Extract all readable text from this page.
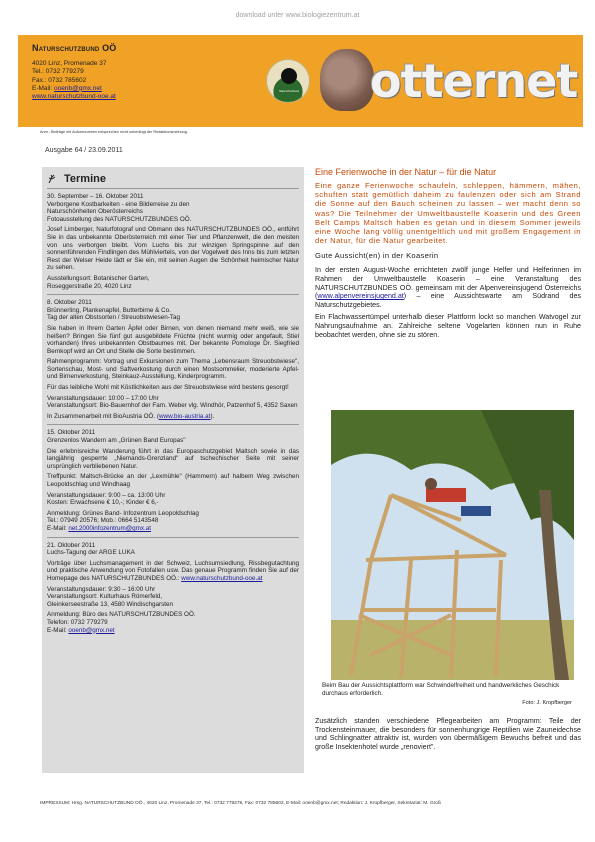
download unter www.biologiezentrum.at
Naturschutzbund OÖ
4020 Linz, Promenade 37
Tel.: 0732 779279
Fax.: 0732 785602
E-Mail: ooenb@gmx.net
www.naturschutzbund-ooe.at
Naturschutzbund otternet
Anm.: Beiträge mit Autorennamen entsprechen nicht unbedingt der Redaktionsmeinung.
Ausgabe 64 / 23.09.2011
Termine
30. September – 16. Oktober 2011
Verborgene Kostbarkeiten - eine Bilderreise zu den
Naturschönheiten Oberösterreichs

Fotoausstellung des NATURSCHUTZBUNDES OÖ.

Josef Limberger, Naturfotograf und Obmann des NATURSCHUTZBUNDES OÖ., entführt Sie in das unbekannte Oberösterreich mit einer Tier und Pflanzenwelt, die den meisten von uns verborgen bleibt. Vom Luchs bis zur winzigen Springspinne auf den sonnenführenden Findlingen des Mühlviertels, von der Vogelwelt des Inns bis zum letzten Rest der Welser Heide lädt er Sie ein, mit seinen Augen die Schönheit heimischer Natur zu sehen.

Ausstellungsort: Botanischer Garten,
Roseggerstraße 20, 4020 Linz
8. Oktober 2011
Brünnerling, Plankenapfel, Butterbirne & Co.

Tag der alten Obstsorten / Streuobstwiesen-Tag

Sie haben in Ihrem Garten Äpfel oder Birnen, von denen niemand mehr weiß, wie sie heißen? Bringen Sie fünf gut ausgebildete Früchte (nicht wurmig oder angefault, Stiel vorhanden) Ihres unbekannten Obstbaumes mit. Der bekannte Pomologe Dr. Siegfried Bernkopf wird an Ort und Stelle die Sorte bestimmen.

Rahmenprogramm: Vortrag und Exkursionen zum Thema „Lebensraum Streuobstwiese", Sortenschau, Most- und Saftverkostung durch einen Mostsommelier, moderierte Apfel- und Birnenverkostung, Steinkauz-Ausstellung, Kinderprogramm.

Für das leibliche Wohl mit Köstlichkeiten aus der Streuobstwiese wird bestens gesorgt!

Veranstaltungsdauer: 10:00 – 17:00 Uhr

Veranstaltungsort: Bio-Bauernhof der Fam. Weber vlg. Windhör, Patzenhof 5, 4352 Saxen

In Zusammenarbeit mit BioAustria OÖ. (www.bio-austria.at).
15. Oktober 2011

Grenzenlos Wandern am „Grünen Band Europas"

Die erlebnisreiche Wanderung führt in das Europaschutzgebiet Maltsch sowie in das langjährig gesperrte „Niemands-Grenzland" auf tschechischer Seite mit seiner ursprünglich verbliebenen Natur.

Treffpunkt: Maltsch-Brücke an der „Lexmühle" (Hammern) auf halbem Weg zwischen Leopoldschlag und Windhaag

Veranstaltungsdauer: 9:00 – ca. 13:00 Uhr

Kosten: Erwachsene € 10,-; Kinder € 6,-

Anmeldung: Grünes Band- Infozentrum Leopoldschlag
Tel.: 07949 20576; Mob.: 0664 5143548
E-Mail: net.2000infozentrum@gmx.at
21. Oktober 2011

Luchs-Tagung der ARGE LUKA

Vorträge über Luchsmanagement in der Schweiz, Luchsumsiedlung, Rissbegutachtung und praktische Anwendung von Fotofallen usw. Das genaue Programm finden Sie auf der Homepage des NATURSCHUTZBUNDES OÖ.: www.naturschutzbund-ooe.at

Veranstaltungsdauer: 9:30 – 16:00 Uhr
Veranstaltungsort: Kulturhaus Römerfeld,

Gleinkerseestraße 13, 4580 Windischgarsten

Anmeldung: Büro des NATURSCHUTZBUNDES OÖ.
Telefon: 0732 779279
E-Mail: ooenb@gmx.net
Eine Ferienwoche in der Natur – für die Natur
Eine ganze Ferienwoche schaufeln, schleppen, hämmern, mähen, schuften statt gemütlich daheim zu faulenzen oder sich am Strand die Sonne auf den Bauch scheinen zu lassen – wer macht denn so was? Die Teilnehmer der Umweltbaustelle Koaserin und des Green Belt Camps Maltsch haben es getan und in diesem Sommer jeweils eine Woche lang völlig unentgeltlich und mit großem Engagement in der Natur, für die Natur gearbeitet.
Gute Aussicht(en) in der Koaserin
In der ersten August-Woche errichteten zwölf junge Helfer und Helferinnen im Rahmen der Umweltbaustelle Koaserin – eine Veranstaltung des NATURSCHUTZBUNDES OÖ. gemeinsam mit der Alpenvereinsjugend Österreichs (www.alpenvereinsjugend.at) – eine Aussichtswarte am Südrand des Naturschutzgebietes.
Ein Flachwassertümpel unterhalb dieser Plattform lockt so manchen Watvogel zur Nahrungsaufnahme an. Zahlreiche seltene Vogelarten können nun in Ruhe beobachtet werden, ohne sie zu stören.
Beim Bau der Aussichtsplattform war Schwindelfreiheit und handwerkliches Geschick durchaus erforderlich.
Foto: J. Kropfberger
Zusätzlich standen verschiedene Pflegearbeiten am Programm: Teile der Trockensteinmauer, die besonders für sonnenhungrige Reptilien wie Zauneidechse und Schlingnatter attraktiv ist, wurden von übermäßigem Bewuchs befreit und das große Insektenhotel wurde „renoviert".
IMPRESSUM: Hrsg. NATURSCHUTZBUND OÖ., 4020 Linz, Promenade 37, Tel.: 0732 779279, Fax: 0732 785602, E-Mail: ooenb@gmx.net; Redaktion: J. Kropfberger, Sekretariat: M. Groß
